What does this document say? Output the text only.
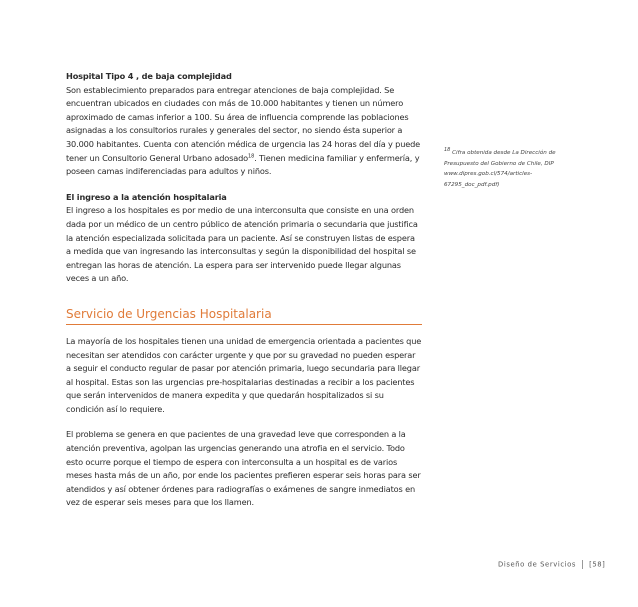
Hospital Tipo 4 , de baja complejidad

Son establecimiento preparados para entregar atenciones de baja complejidad. Se encuentran ubicados en ciudades con más de 10.000 habitantes y tienen un número aproximado de camas inferior a 100. Su área de influencia comprende las poblaciones asignadas a los consultorios rurales y generales del sector, no siendo ésta superior a 30.000 habitantes. Cuenta con atención médica de urgencia las 24 horas del día y puede tener un Consultorio General Urbano adosado$^{18}$. Tienen medicina familiar y enfermería, y poseen camas indiferenciadas para adultos y niños.

El ingreso a la atención hospitalaria

El ingreso a los hospitales es por medio de una interconsulta que consiste en una orden dada por un médico de un centro público de atención primaria o secundaria que justifica la atención especializada solicitada para un paciente. Así se construyen listas de espera a medida que van ingresando las interconsultas y según la disponibilidad del hospital se entregan las horas de atención. La espera para ser intervenido puede llegar algunas veces a un año.

Servicio de Urgencias Hospitalaria

La mayoría de los hospitales tienen una unidad de emergencia orientada a pacientes que necesitan ser atendidos con carácter urgente y que por su gravedad no pueden esperar a seguir el conducto regular de pasar por atención primaria, luego secundaria para llegar al hospital. Estas son las urgencias pre-hospitalarias destinadas a recibir a los pacientes que serán intervenidos de manera expedita y que quedarán hospitalizados si su condición así lo requiere.

El problema se genera en que pacientes de una gravedad leve que corresponden a la atención preventiva, agolpan las urgencias generando una atrofia en el servicio. Todo esto ocurre porque el tiempo de espera con interconsulta a un hospital es de varios meses hasta más de un año, por ende los pacientes prefieren esperar seis horas para ser atendidos y así obtener órdenes para radiografías o exámenes de sangre inmediatos en vez de esperar seis meses para que los llamen.

$^{18}$ Cifra obtenida desde La Dirección de Presupuesto del Gobierno de Chile, DIP www.dipres.gob.cl/574/articles-67295_doc_pdf.pdf)
Diseño de Servicios [58]
